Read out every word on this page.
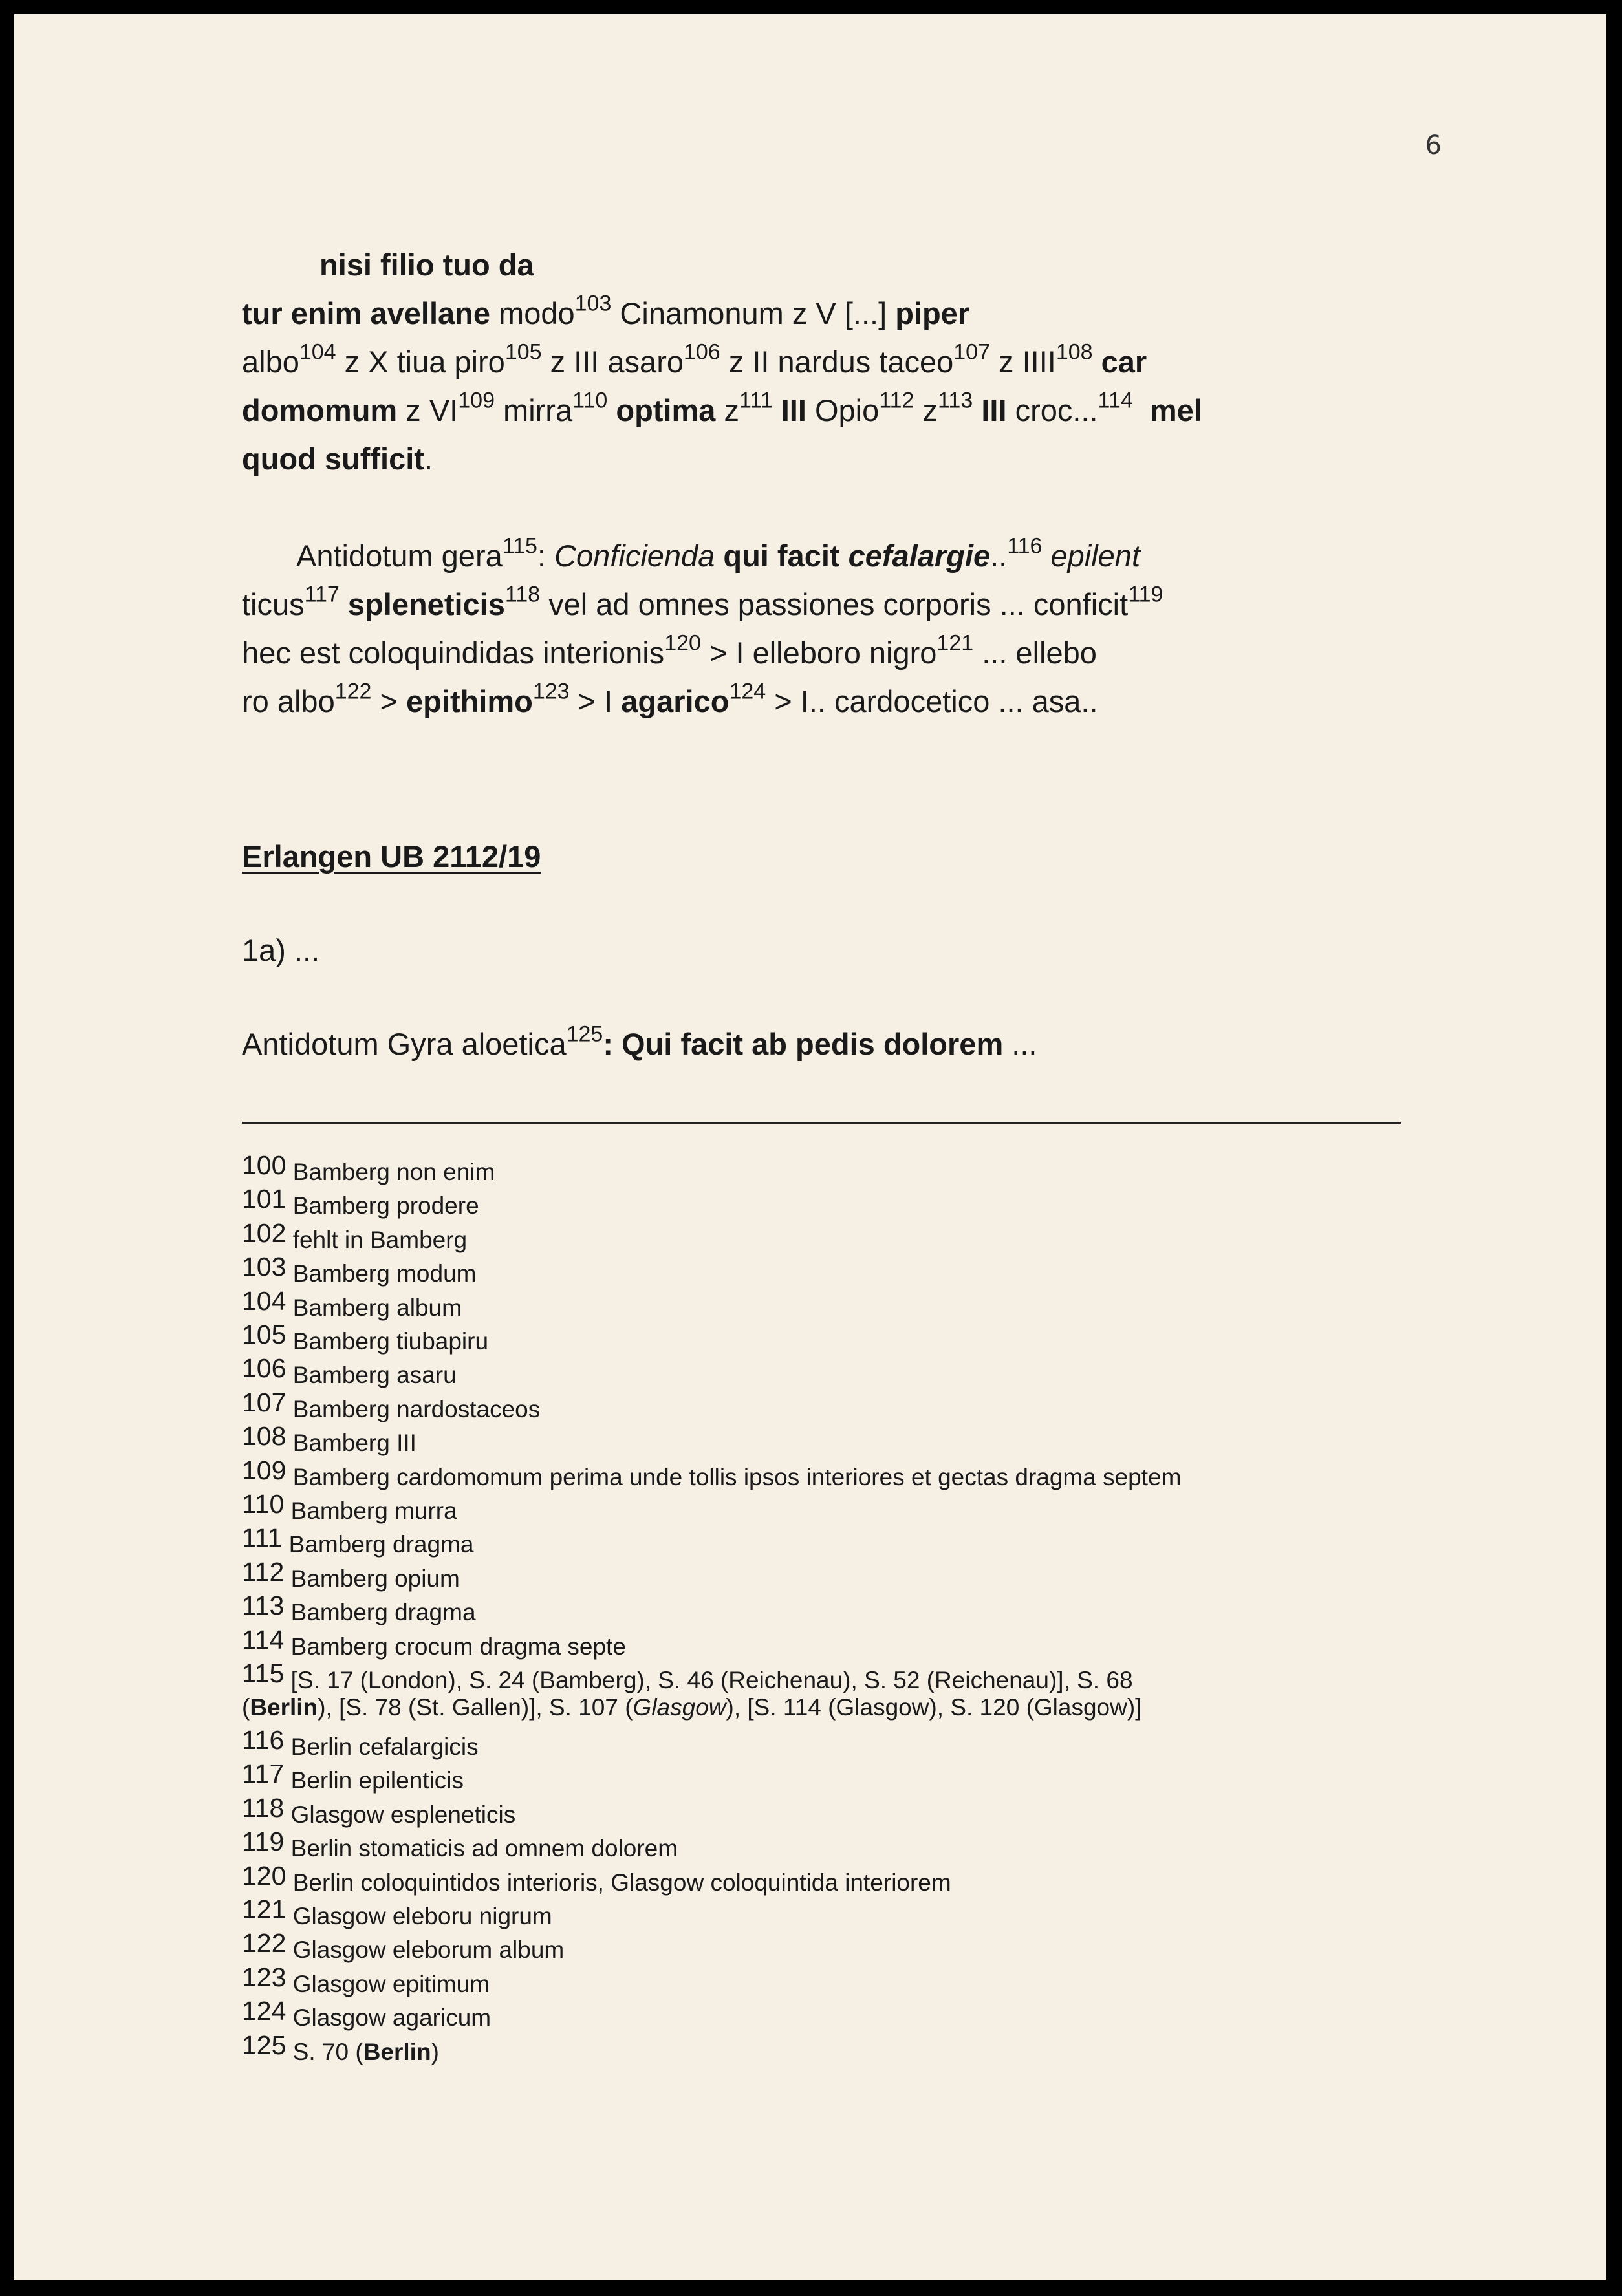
6
nisi filio tuo da
tur enim avellane modo$^{103}$ Cinamonum z V [...] piper
albo$^{104}$ z X tiua piro$^{105}$ z III asaro$^{106}$ z II nardus taceo$^{107}$ z IIII$^{108}$ car
domomum z VI$^{109}$ mirra$^{110}$ optima $z^{111}$ III Opio$^{112}$ $z^{113}$ III croc...$^{114}$ mel
quod sufficit.
Antidotum gera$^{115}$: Conficienda qui facit cefalargie..$^{116}$ epilent
ticus$^{117}$ spleneticis$^{118}$ vel ad omnes passiones corporis ... conficit$^{119}$
hec est coloquindidas interionis$^{120}$ > I elleboro nigro$^{121}$ ... ellebo
ro albo$^{122}$ > epithimo$^{123}$ > I agarico$^{124}$ > I.. cardocetico ... asa..
Erlangen UB 2112/19
1a) ...
Antidotum Gyra aloetica$^{125}$: Qui facit ab pedis dolorem ...
100 Bamberg non enim
101 Bamberg prodere
102 fehlt in Bamberg
103 Bamberg modum
104 Bamberg album
105 Bamberg tiubapiru
106 Bamberg asaru
107 Bamberg nardostaceos
108 Bamberg III
109 Bamberg cardomomum perima unde tollis ipsos interiores et gectas dragma septem
110 Bamberg murra
111 Bamberg dragma
112 Bamberg opium
113 Bamberg dragma
114 Bamberg crocum dragma septe
115 [S. 17 (London), S. 24 (Bamberg), S. 46 (Reichenau), S. 52 (Reichenau)], S. 68
(Berlin), [S. 78 (St. Gallen)], S. 107 (Glasgow), [S. 114 (Glasgow), S. 120 (Glasgow)]
116 Berlin cefalargicis
117 Berlin epilenticis
118 Glasgow espleneticis
119 Berlin stomaticis ad omnem dolorem
120 Berlin coloquintidos interioris, Glasgow coloquintida interiorem
121 Glasgow eleboru nigrum
122 Glasgow eleborum album
123 Glasgow epitimum
124 Glasgow agaricum
125 S. 70 (Berlin)
